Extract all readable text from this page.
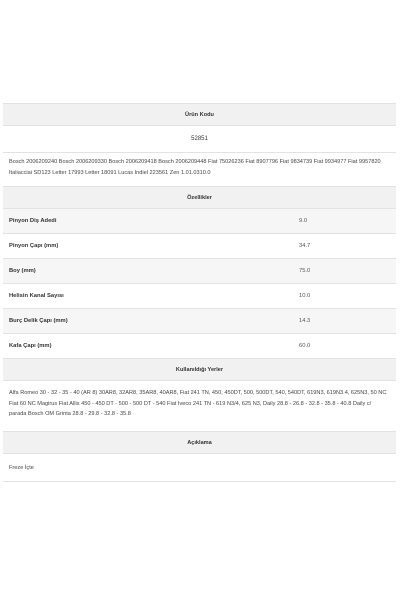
Ürün Kodu
52851
Bosch 2006209240 Bosch 2006209330 Bosch 2006209418 Bosch 2006209448 Fiat 75026236 Fiat 8907796 Fiat 9834739 Fiat 9934977 Fiat 9957820 Italiacciai SD123 Letter 17993 Letter 18091 Lucas Indiel 223561 Zen 1.01.0310.0
Özellikler
Pinyon Diş Adedi	9.0
Pinyon Çapı (mm)	34.7
Boy (mm)	75.0
Helisin Kanal Sayısı	10.0
Burç Delik Çapı (mm)	14.3
Kafa Çapı (mm)	60.0
Kullanıldığı Yerler
Alfa Romeo 30 - 32 - 35 - 40 (AR 8) 30AR8, 32AR8, 35AR8, 40AR8, Fiat 241 TN, 450, 450DT, 500, 500DT, 540, 540DT, 619N3, 619N3.4, 625N3, 50 NC Fiat 60 NC Magirus Fiat Allis 450 - 450 DT - 500 - 500 DT - 540 Fiat Iveco 241 TN - 619 N3/4, 625 N3, Daily 28.8 - 26.8 - 32.8 - 35.8 - 40.8 Daily c/ parada Bosch OM Grinta 28.8 - 29.8 - 32.8 - 35.8
Açıklama
Freze İçte
